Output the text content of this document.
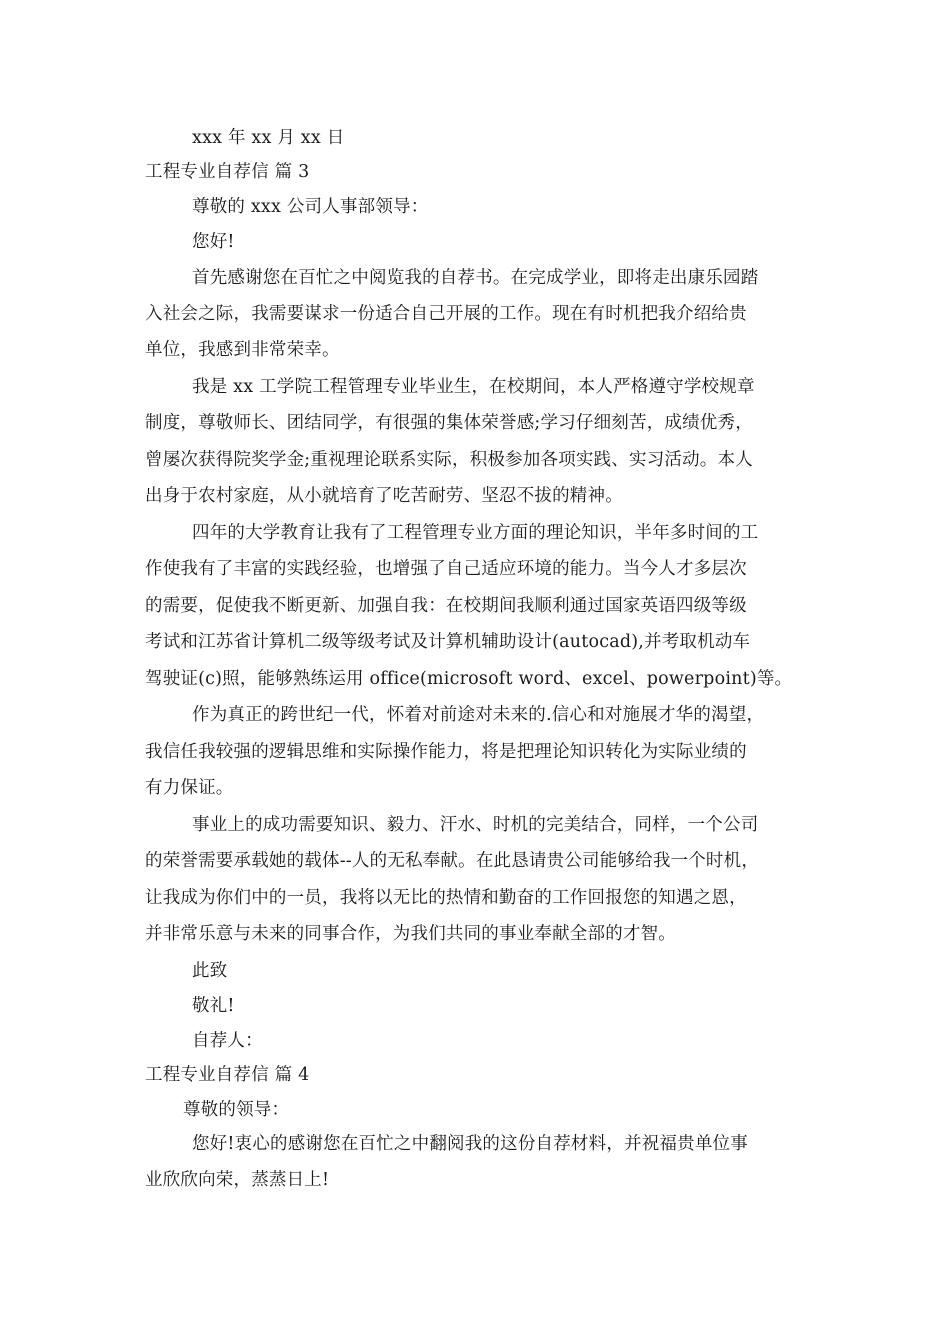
xxx 年 xx 月 xx 日
工程专业自荐信 篇 3
尊敬的 xxx 公司人事部领导：
您好!
首先感谢您在百忙之中阅览我的自荐书。在完成学业，即将走出康乐园踏
入社会之际，我需要谋求一份适合自己开展的工作。现在有时机把我介绍给贵
单位，我感到非常荣幸。
我是 xx 工学院工程管理专业毕业生，在校期间，本人严格遵守学校规章
制度，尊敬师长、团结同学，有很强的集体荣誉感;学习仔细刻苦，成绩优秀，
曾屡次获得院奖学金;重视理论联系实际，积极参加各项实践、实习活动。本人
出身于农村家庭，从小就培育了吃苦耐劳、坚忍不拔的精神。
四年的大学教育让我有了工程管理专业方面的理论知识，半年多时间的工
作使我有了丰富的实践经验，也增强了自己适应环境的能力。当今人才多层次
的需要，促使我不断更新、加强自我：在校期间我顺利通过国家英语四级等级
考试和江苏省计算机二级等级考试及计算机辅助设计(autocad),并考取机动车
驾驶证(c)照，能够熟练运用 office(microsoft word、excel、powerpoint)等。
作为真正的跨世纪一代，怀着对前途对未来的.信心和对施展才华的渴望，
我信任我较强的逻辑思维和实际操作能力，将是把理论知识转化为实际业绩的
有力保证。
事业上的成功需要知识、毅力、汗水、时机的完美结合，同样，一个公司
的荣誉需要承载她的载体--人的无私奉献。在此恳请贵公司能够给我一个时机，
让我成为你们中的一员，我将以无比的热情和勤奋的工作回报您的知遇之恩，
并非常乐意与未来的同事合作，为我们共同的事业奉献全部的才智。
此致
敬礼!
自荐人：
工程专业自荐信 篇 4
尊敬的领导：
您好!衷心的感谢您在百忙之中翻阅我的这份自荐材料，并祝福贵单位事
业欣欣向荣，蒸蒸日上!
